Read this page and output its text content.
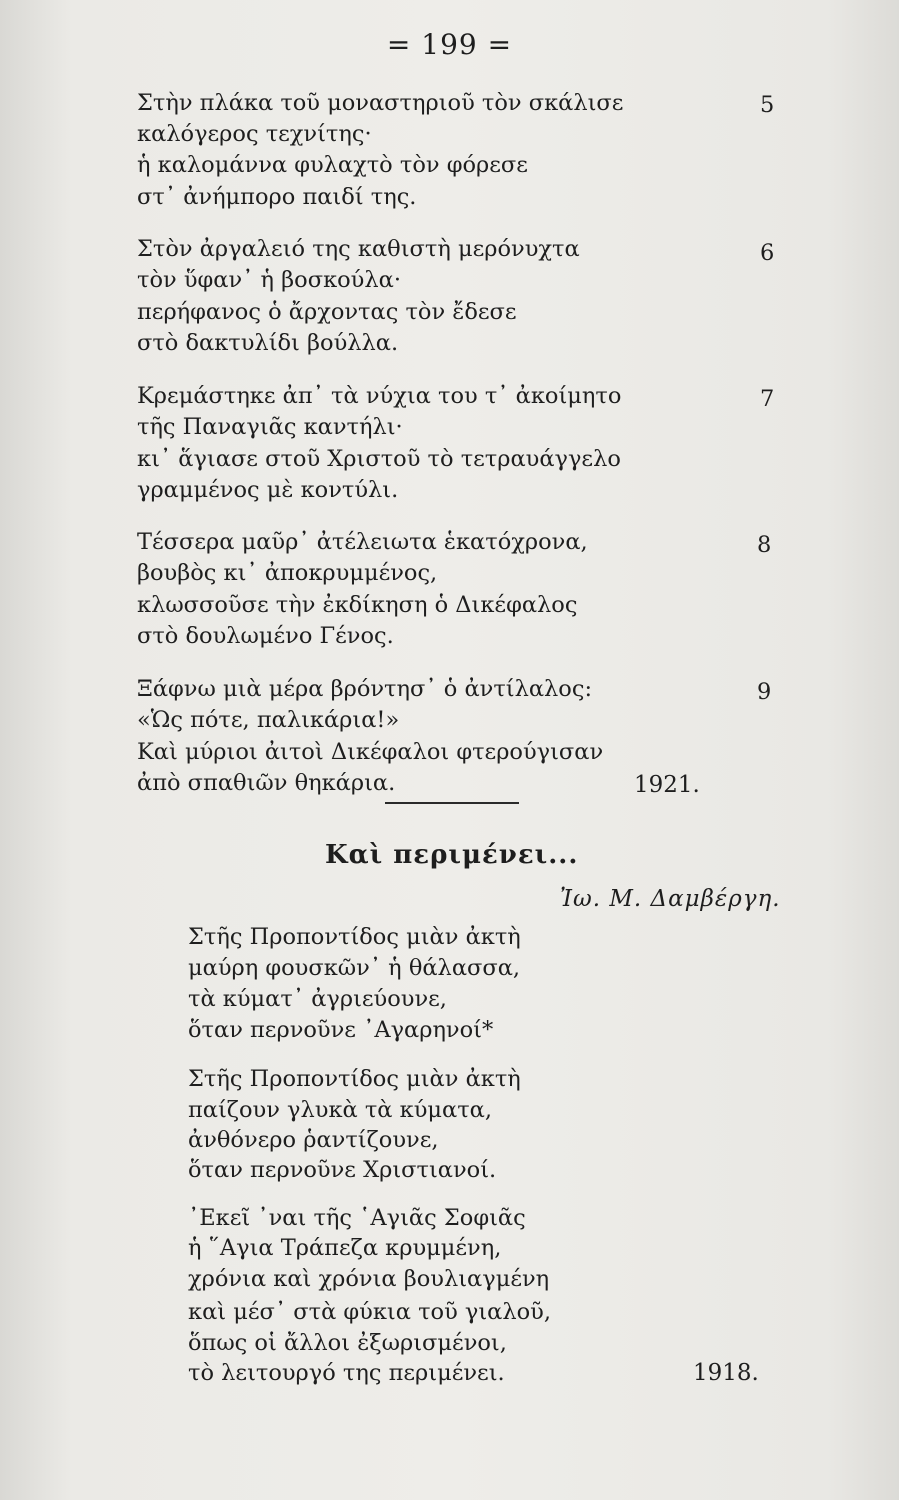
= 199 =
Στὴν πλάκα τοῦ μοναστηριοῦ τὸν σκάλισε
καλόγερος τεχνίτης·
ἡ καλομάννα φυλαχτὸ τὸν φόρεσε
στ᾿ ἀνήμπορο παιδί της.
5
Στὸν ἀργαλειό της καθιστὴ μερόνυχτα
τὸν ὕφαν᾿ ἡ βοσκούλα·
περήφανος ὁ ἄρχοντας τὸν ἔδεσε
στὸ δακτυλίδι βούλλα.
6
Κρεμάστηκε ἀπ᾿ τὰ νύχια του τ᾿ ἀκοίμητο
τῆς Παναγιᾶς καντήλι·
κι᾿ ἅγιασε στοῦ Χριστοῦ τὸ τετραυάγγελο
γραμμένος μὲ κοντύλι.
7
Τέσσερα μαῦρ᾿ ἀτέλειωτα ἑκατόχρονα,
βουβὸς κι᾿ ἀποκρυμμένος,
κλωσσοῦσε τὴν ἐκδίκηση ὁ Δικέφαλος
στὸ δουλωμένο Γένος.
8
Ξάφνω μιὰ μέρα βρόντησ᾿ ὁ ἀντίλαλος:
«Ὡς πότε, παλικάρια!»
Καὶ μύριοι ἀιτοὶ Δικέφαλοι φτερούγισαν
ἀπὸ σπαθιῶν θηκάρια.
9
1921.
Καὶ περιμένει...
Ἰω. Μ. Δαμβέργη.
Στῆς Προποντίδος μιὰν ἀκτὴ
μαύρη φουσκῶν᾿ ἡ θάλασσα,
τὰ κύματ᾿ ἀγριεύουνε,
ὅταν περνοῦνε ᾿Αγαρηνοί*
Στῆς Προποντίδος μιὰν ἀκτὴ
παίζουν γλυκὰ τὰ κύματα,
ἀνθόνερο ῥαντίζουνε,
ὅταν περνοῦνε Χριστιανοί.
᾿Εκεῖ ᾿ναι τῆς ῾Αγιᾶς Σοφιᾶς
ἡ ῞Αγια Τράπεζα κρυμμένη,
χρόνια καὶ χρόνια βουλιαγμένη
καὶ μέσ᾿ στὰ φύκια τοῦ γιαλοῦ,
ὅπως οἱ ἄλλοι ἐξωρισμένοι,
τὸ λειτουργό της περιμένει.	1918.
